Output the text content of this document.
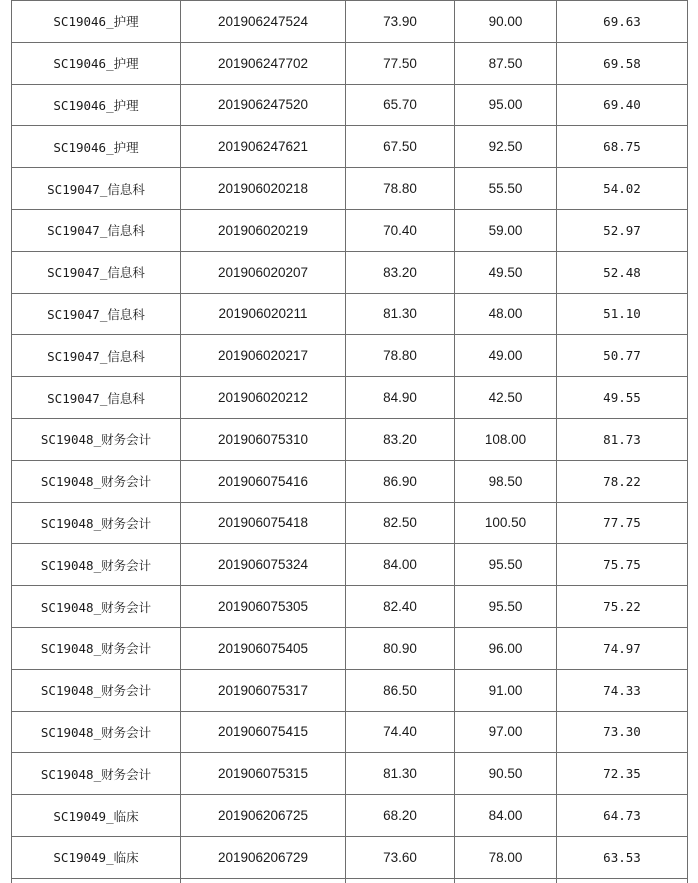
SC19046_护理	201906247524	73.90	90.00	69.63
SC19046_护理	201906247702	77.50	87.50	69.58
SC19046_护理	201906247520	65.70	95.00	69.40
SC19046_护理	201906247621	67.50	92.50	68.75
SC19047_信息科	201906020218	78.80	55.50	54.02
SC19047_信息科	201906020219	70.40	59.00	52.97
SC19047_信息科	201906020207	83.20	49.50	52.48
SC19047_信息科	201906020211	81.30	48.00	51.10
SC19047_信息科	201906020217	78.80	49.00	50.77
SC19047_信息科	201906020212	84.90	42.50	49.55
SC19048_财务会计	201906075310	83.20	108.00	81.73
SC19048_财务会计	201906075416	86.90	98.50	78.22
SC19048_财务会计	201906075418	82.50	100.50	77.75
SC19048_财务会计	201906075324	84.00	95.50	75.75
SC19048_财务会计	201906075305	82.40	95.50	75.22
SC19048_财务会计	201906075405	80.90	96.00	74.97
SC19048_财务会计	201906075317	86.50	91.00	74.33
SC19048_财务会计	201906075415	74.40	97.00	73.30
SC19048_财务会计	201906075315	81.30	90.50	72.35
SC19049_临床	201906206725	68.20	84.00	64.73
SC19049_临床	201906206729	73.60	78.00	63.53
